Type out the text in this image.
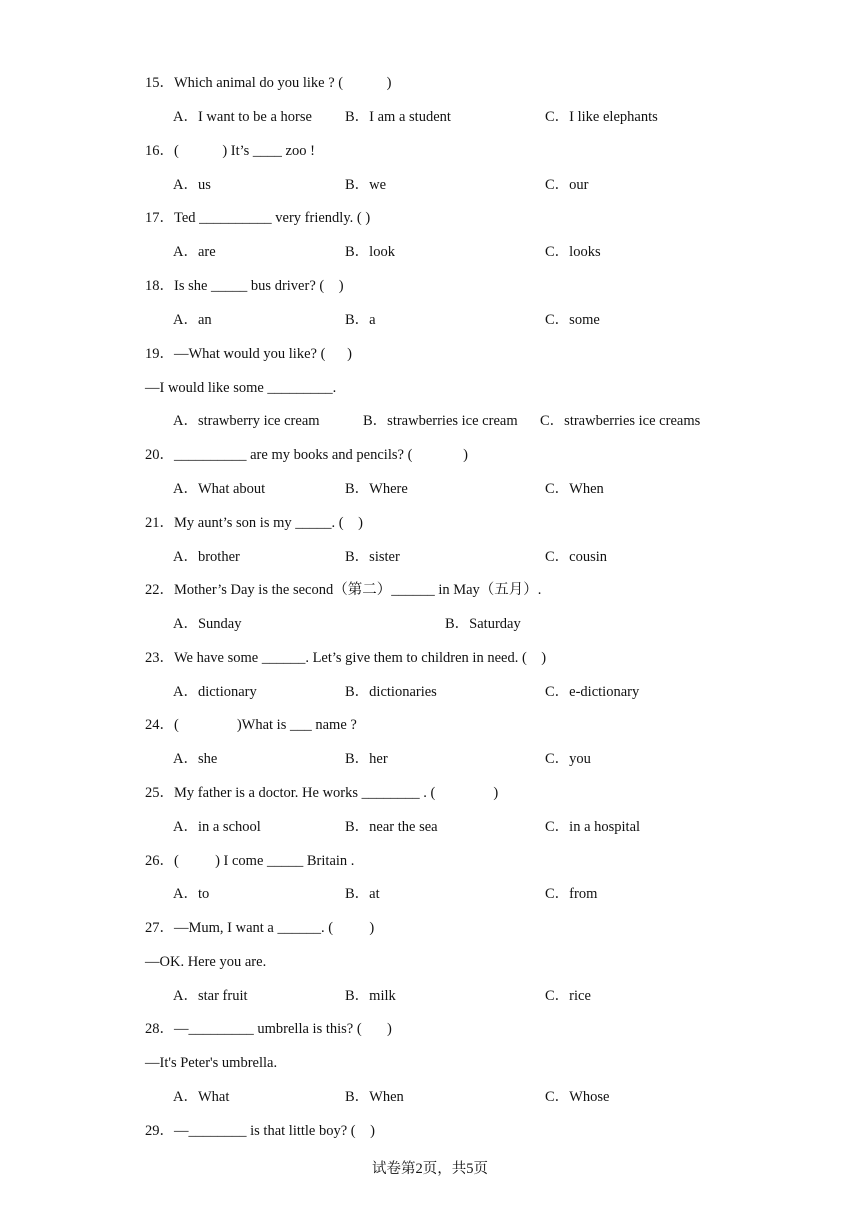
15．Which animal do you like ? (            )
A．I want to be a horse B．I am a student	C．I like elephants
16．(            ) It’s ____ zoo !
A．us	B．we	C．our
17．Ted __________ very friendly. ( )
A．are	B．look	C．looks
18．Is she _____ bus driver? (    )
A．an	B．a	C．some
19．—What would you like? (      )
—I would like some _________.
A．strawberry ice cream	B．strawberries ice cream C．strawberries ice creams
20．__________ are my books and pencils? (              )
A．What about	B．Where	C．When
21．My aunt’s son is my _____. (    )
A．brother	B．sister	C．cousin
22．Mother’s Day is the second（第二）______ in May（五月）.
A．Sunday	B．Saturday
23．We have some ______. Let’s give them to children in need. (    )
A．dictionary	B．dictionaries	C．e-dictionary
24．(                )What is ___ name ?
A．she	B．her	C．you
25．My father is a doctor. He works ________ . (                )
A．in a school	B．near the sea	C．in a hospital
26．(          ) I come _____ Britain .
A．to	B．at	C．from
27．—Mum, I want a ______. (          )
—OK. Here you are.
A．star fruit	B．milk	C．rice
28．—_________ umbrella is this? (       )
—It's Peter's umbrella.
A．What	B．When	C．Whose
29．—________ is that little boy? (    )
试卷第2页，共5页
